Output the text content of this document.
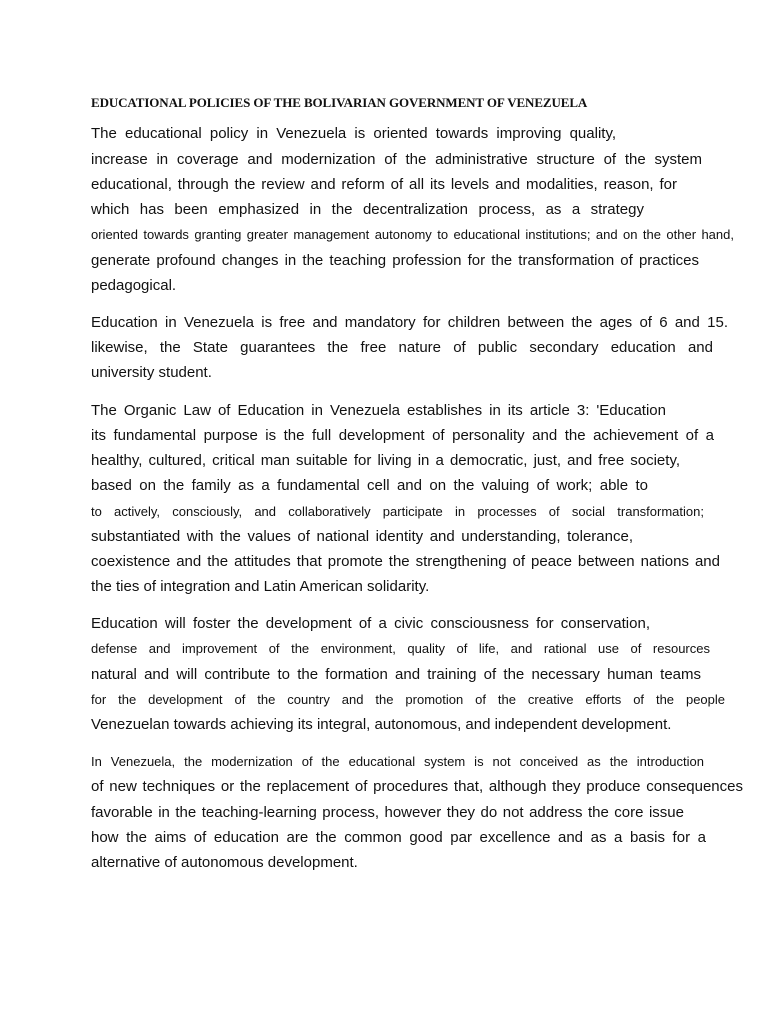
EDUCATIONAL POLICIES OF THE BOLIVARIAN GOVERNMENT OF VENEZUELA
The educational policy in Venezuela is oriented towards improving quality,
increase in coverage and modernization of the administrative structure of the system
educational, through the review and reform of all its levels and modalities, reason, for
which has been emphasized in the decentralization process, as a strategy
oriented towards granting greater management autonomy to educational institutions; and on the other hand,
generate profound changes in the teaching profession for the transformation of practices
pedagogical.
Education in Venezuela is free and mandatory for children between the ages of 6 and 15.
likewise, the State guarantees the free nature of public secondary education and
university student.
The Organic Law of Education in Venezuela establishes in its article 3: 'Education
its fundamental purpose is the full development of personality and the achievement of a
healthy, cultured, critical man suitable for living in a democratic, just, and free society,
based on the family as a fundamental cell and on the valuing of work; able to
to actively, consciously, and collaboratively participate in processes of social transformation;
substantiated with the values of national identity and understanding, tolerance,
coexistence and the attitudes that promote the strengthening of peace between nations and
the ties of integration and Latin American solidarity.
Education will foster the development of a civic consciousness for conservation,
defense and improvement of the environment, quality of life, and rational use of resources
natural and will contribute to the formation and training of the necessary human teams
for the development of the country and the promotion of the creative efforts of the people
Venezuelan towards achieving its integral, autonomous, and independent development.
In Venezuela, the modernization of the educational system is not conceived as the introduction
of new techniques or the replacement of procedures that, although they produce consequences
favorable in the teaching-learning process, however they do not address the core issue
how the aims of education are the common good par excellence and as a basis for a
alternative of autonomous development.
